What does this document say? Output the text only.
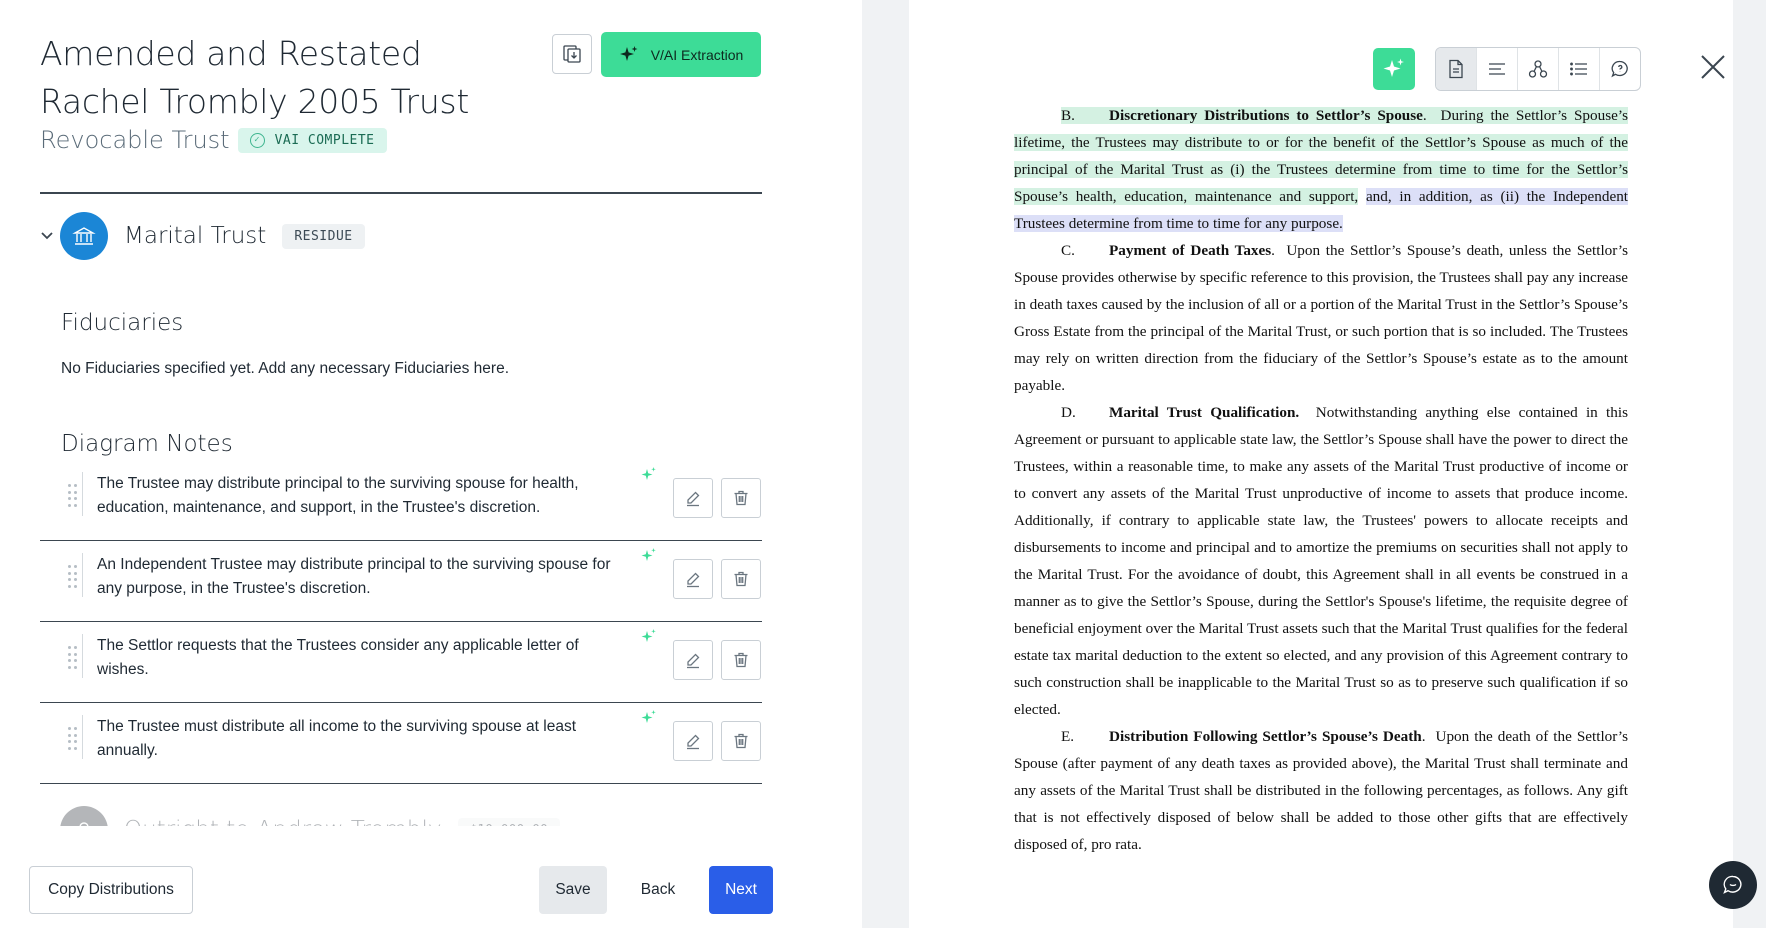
Amended and Restated Rachel Trombly 2005 Trust
Revocable Trust	✓	VAI COMPLETE
V/AI Extraction
Marital Trust	RESIDUE
Fiduciaries

No Fiduciaries specified yet. Add any necessary Fiduciaries here.

Diagram Notes
The Trustee may distribute principal to the surviving spouse for health, education, maintenance, and support, in the Trustee's discretion.
An Independent Trustee may distribute principal to the surviving spouse for any purpose, in the Trustee's discretion.
The Settlor requests that the Trustees consider any applicable letter of wishes.
The Trustee must distribute all income to the surviving spouse at least annually.
Copy Distributions	Save	Back	Next

B. Discretionary Distributions to Settlor’s Spouse.  During the Settlor’s Spouse’s lifetime, the Trustees may distribute to or for the benefit of the Settlor’s Spouse as much of the principal of the Marital Trust as (i) the Trustees determine from time to time for the Settlor’s Spouse’s health, education, maintenance and support, and, in addition, as (ii) the Independent Trustees determine from time to time for any purpose.

C. Payment of Death Taxes.  Upon the Settlor’s Spouse’s death, unless the Settlor’s Spouse provides otherwise by specific reference to this provision, the Trustees shall pay any increase in death taxes caused by the inclusion of all or a portion of the Marital Trust in the Settlor’s Spouse’s Gross Estate from the principal of the Marital Trust, or such portion that is so included. The Trustees may rely on written direction from the fiduciary of the Settlor’s Spouse’s estate as to the amount payable.

D. Marital Trust Qualification. Notwithstanding anything else contained in this Agreement or pursuant to applicable state law, the Settlor’s Spouse shall have the power to direct the Trustees, within a reasonable time, to make any assets of the Marital Trust productive of income or to convert any assets of the Marital Trust unproductive of income to assets that produce income. Additionally, if contrary to applicable state law, the Trustees' powers to allocate receipts and disbursements to income and principal and to amortize the premiums on securities shall not apply to the Marital Trust. For the avoidance of doubt, this Agreement shall in all events be construed in a manner as to give the Settlor’s Spouse, during the Settlor's Spouse's lifetime, the requisite degree of beneficial enjoyment over the Marital Trust assets such that the Marital Trust qualifies for the federal estate tax marital deduction to the extent so elected, and any provision of this Agreement contrary to such construction shall be inapplicable to the Marital Trust so as to preserve such qualification if so elected.

E. Distribution Following Settlor’s Spouse’s Death.  Upon the death of the Settlor’s Spouse (after payment of any death taxes as provided above), the Marital Trust shall terminate and any assets of the Marital Trust shall be distributed in the following percentages, as follows. Any gift that is not effectively disposed of below shall be added to those other gifts that are effectively disposed of, pro rata.
